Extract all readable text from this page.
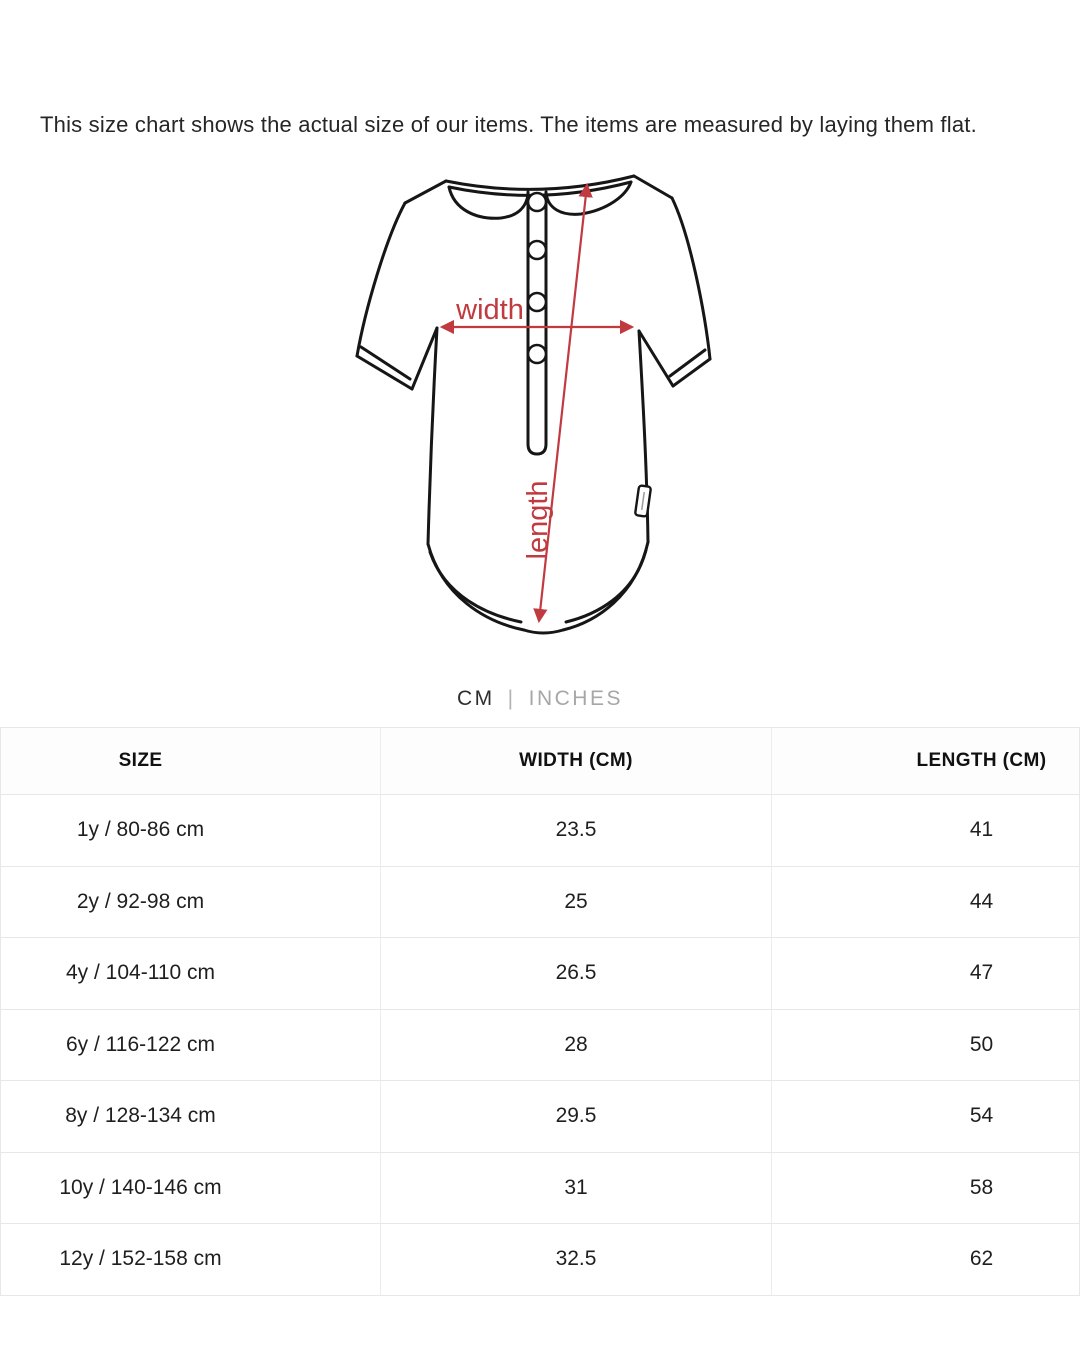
This size chart shows the actual size of our items. The items are measured by laying them flat.

width
length
CM | INCHES
SIZE	WIDTH (CM)	LENGTH (CM)
1y / 80-86 cm	23.5	41
2y / 92-98 cm	25	44
4y / 104-110 cm	26.5	47
6y / 116-122 cm	28	50
8y / 128-134 cm	29.5	54
10y / 140-146 cm	31	58
12y / 152-158 cm	32.5	62
